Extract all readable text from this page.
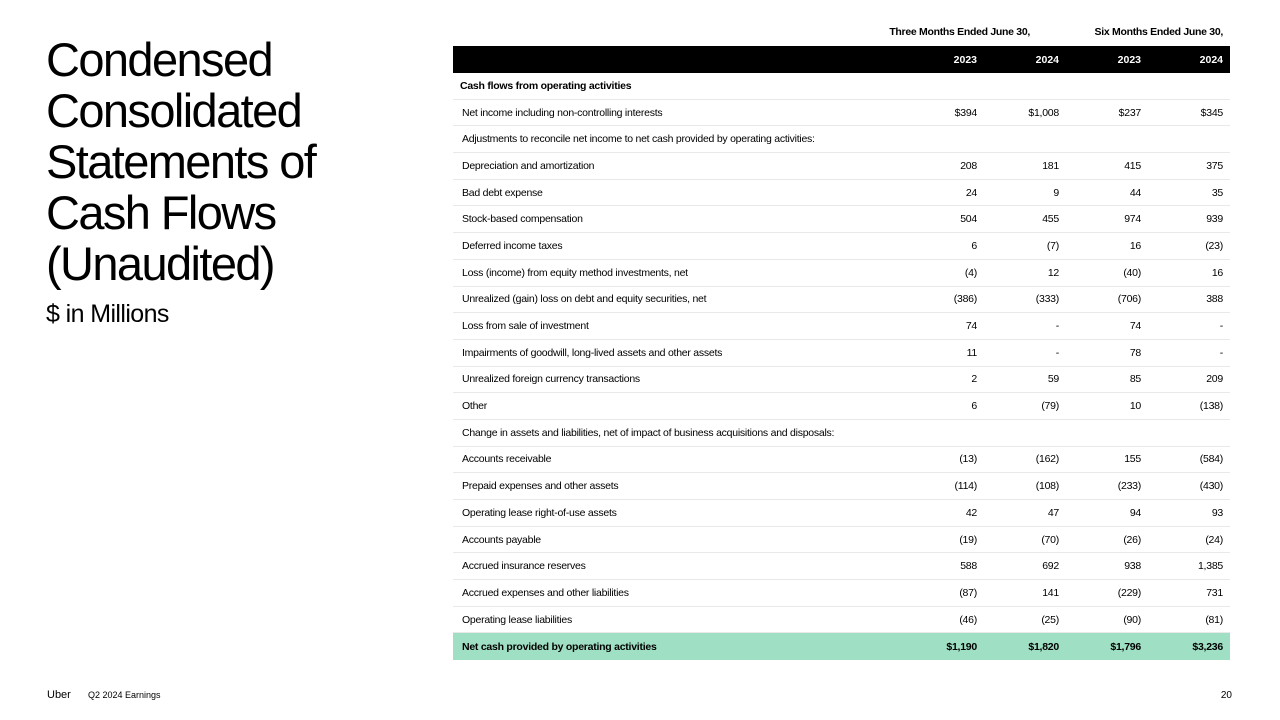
Condensed
Consolidated
Statements of
Cash Flows
(Unaudited)
$ in Millions
Three Months Ended June 30,	Six Months Ended June 30,
2023	2024	2023	2024
Cash flows from operating activities
Net income including non-controlling interests	$394	$1,008	$237	$345
Adjustments to reconcile net income to net cash provided by operating activities:
Depreciation and amortization	208	181	415	375
Bad debt expense	24	9	44	35
Stock-based compensation	504	455	974	939
Deferred income taxes	6	(7)	16	(23)
Loss (income) from equity method investments, net	(4)	12	(40)	16
Unrealized (gain) loss on debt and equity securities, net	(386)	(333)	(706)	388
Loss from sale of investment	74	-	74	-
Impairments of goodwill, long-lived assets and other assets	11	-	78	-
Unrealized foreign currency transactions	2	59	85	209
Other	6	(79)	10	(138)
Change in assets and liabilities, net of impact of business acquisitions and disposals:
Accounts receivable	(13)	(162)	155	(584)
Prepaid expenses and other assets	(114)	(108)	(233)	(430)
Operating lease right-of-use assets	42	47	94	93
Accounts payable	(19)	(70)	(26)	(24)
Accrued insurance reserves	588	692	938	1,385
Accrued expenses and other liabilities	(87)	141	(229)	731
Operating lease liabilities	(46)	(25)	(90)	(81)
Net cash provided by operating activities	$1,190	$1,820	$1,796	$3,236
Uber Q2 2024 Earnings	20
